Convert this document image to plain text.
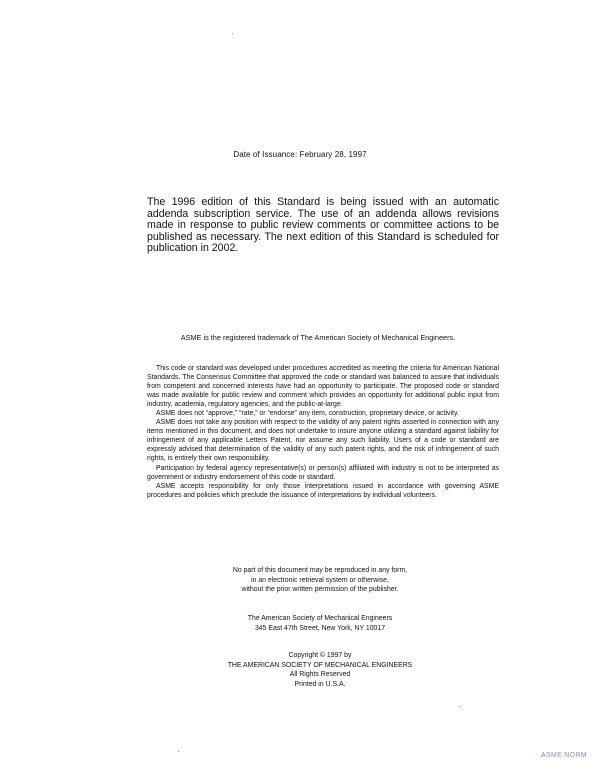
Date of Issuance: February 28, 1997
The 1996 edition of this Standard is being issued with an automatic addenda subscription service. The use of an addenda allows revisions made in response to public review comments or committee actions to be published as necessary. The next edition of this Standard is scheduled for publication in 2002.
ASME is the registered trademark of The American Society of Mechanical Engineers.

This code or standard was developed under procedures accredited as meeting the criteria for American National Standards. The Consensus Committee that approved the code or standard was balanced to assure that individuals from competent and concerned interests have had an opportunity to participate. The proposed code or standard was made available for public review and comment which provides an opportunity for additional public input from industry, academia, regulatory agencies, and the public-at-large.

ASME does not “approve,” “rate,” or “endorse” any item, construction, proprietary device, or activity.

ASME does not take any position with respect to the validity of any patent rights asserted in connection with any items mentioned in this document, and does not undertake to insure anyone utilizing a standard against liability for infringement of any applicable Letters Patent, nor assume any such liability. Users of a code or standard are expressly advised that determination of the validity of any such patent rights, and the risk of infringement of such rights, is entirely their own responsibility.

Participation by federal agency representative(s) or person(s) affiliated with industry is not to be interpreted as government or industry endorsement of this code or standard.

ASME accepts responsibility for only those interpretations issued in accordance with governing ASME procedures and policies which preclude the issuance of interpretations by individual volunteers.

No part of this document may be reproduced in any form,
in an electronic retrieval system or otherwise,
without the prior written permission of the publisher.
The American Society of Mechanical Engineers
345 East 47th Street, New York, NY 10017
Copyright © 1997 by
THE AMERICAN SOCIETY OF MECHANICAL ENGINEERS
All Rights Reserved
Printed in U.S.A.
ASME NORM
